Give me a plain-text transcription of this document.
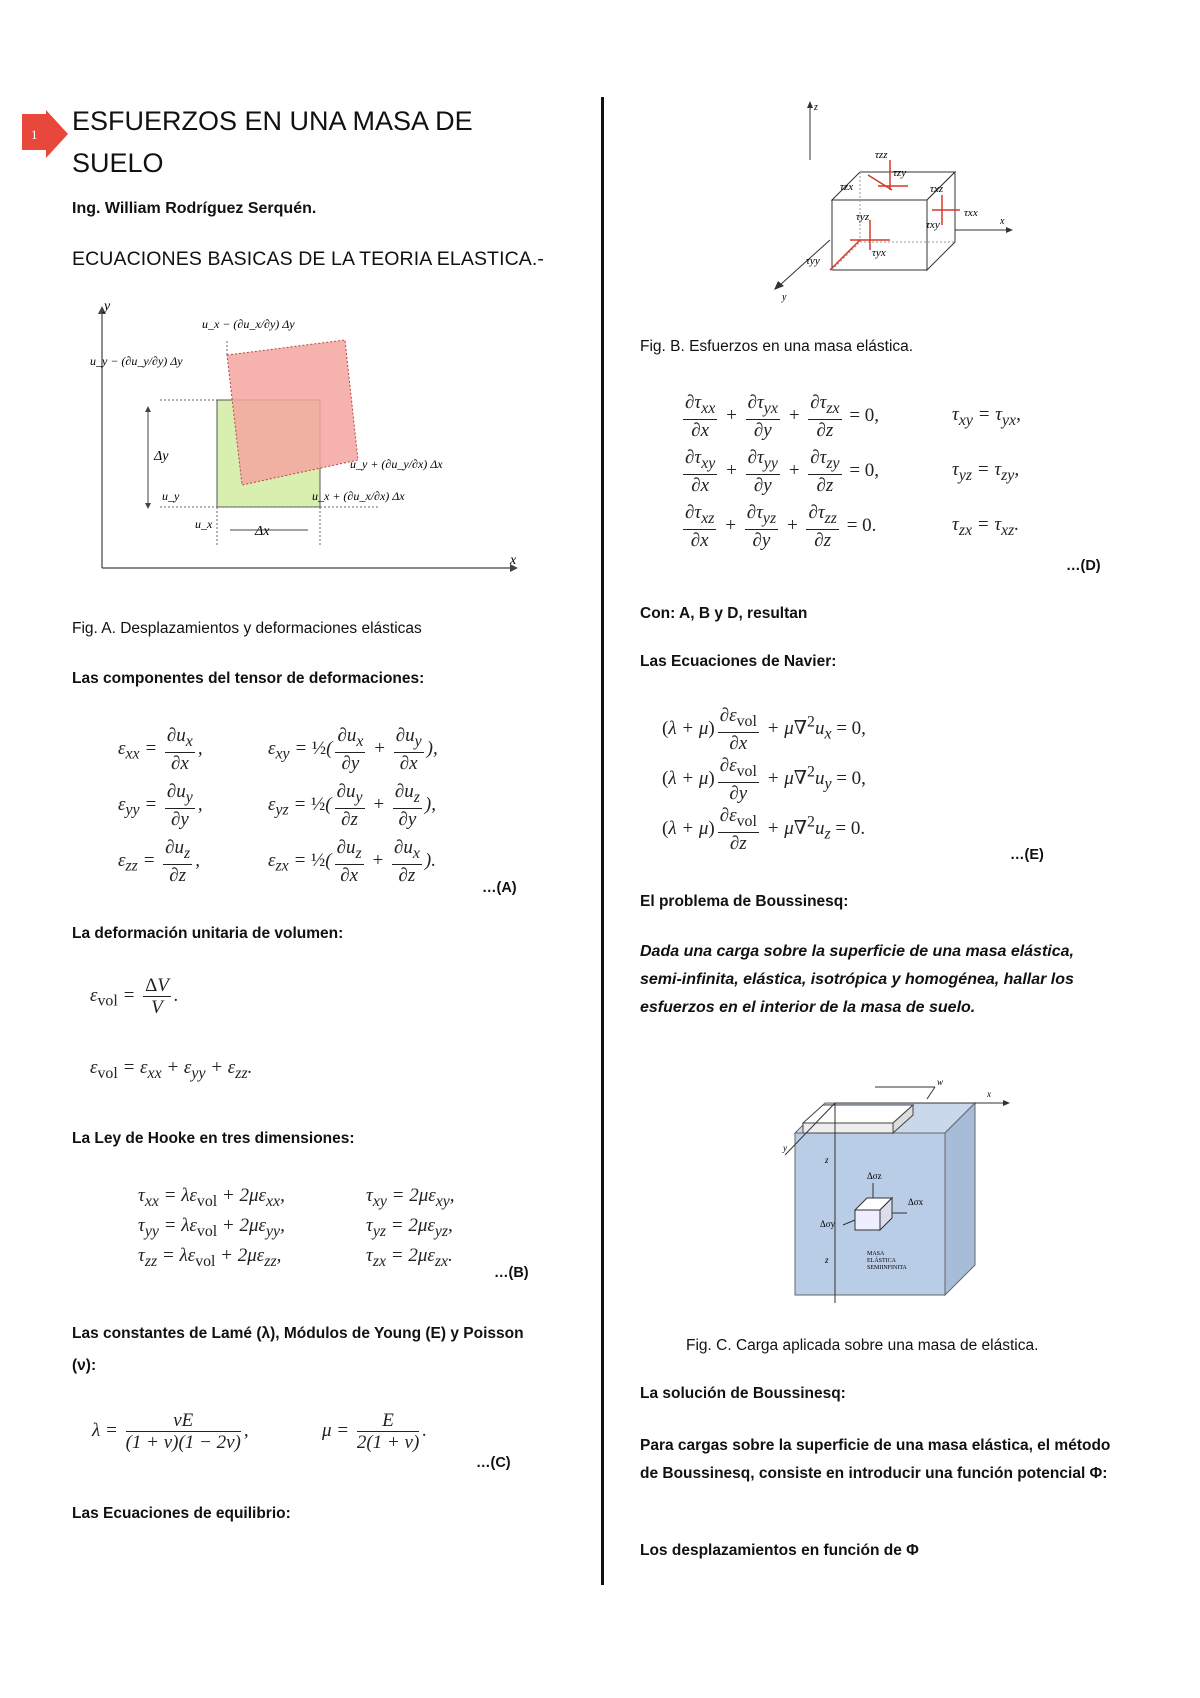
1 ESFUERZOS EN UNA MASA DE SUELO
Ing. William Rodríguez Serquén.
ECUACIONES BASICAS DE LA TEORIA ELASTICA.-
y
x
Δy
u_y
u_x	Δx
u_x − (∂u_x/∂y) Δy
u_y − (∂u_y/∂y) Δy
u_y + (∂u_y/∂x) Δx
u_x + (∂u_x/∂x) Δx
Fig. A. Desplazamientos y deformaciones elásticas
Las componentes del tensor de deformaciones:
$\varepsilon_{xx} = \frac{\partial u_x}{\partial x}$ ,	$\varepsilon_{xy}$ = ½( $\frac{\partial u_x}{\partial y} + \frac{\partial u_y}{\partial x}$ ),
$\varepsilon_{yy} = \frac{\partial u_y}{\partial y}$ ,	$\varepsilon_{yz}$ = ½( $\frac{\partial u_y}{\partial z} + \frac{\partial u_z}{\partial y}$ ),
$\varepsilon_{zz} = \frac{\partial u_z}{\partial z}$ ,	$\varepsilon_{zx}$ = ½( $\frac{\partial u_z}{\partial x} + \frac{\partial u_x}{\partial z}$ ).
…(A)
La deformación unitaria de volumen:
$\varepsilon_{vol} = \frac{\Delta V}{V}$ .
$\varepsilon_{vol} = \varepsilon_{xx} + \varepsilon_{yy} + \varepsilon_{zz}$.
La Ley de Hooke en tres dimensiones:
$\tau_{xx} = \lambda\varepsilon_{vol} + 2\mu\varepsilon_{xx}$,	$\tau_{xy} = 2\mu\varepsilon_{xy}$,
$\tau_{yy} = \lambda\varepsilon_{vol} + 2\mu\varepsilon_{yy}$,	$\tau_{yz} = 2\mu\varepsilon_{yz}$,
$\tau_{zz} = \lambda\varepsilon_{vol} + 2\mu\varepsilon_{zz}$,	$\tau_{zx} = 2\mu\varepsilon_{zx}$.
…(B)
Las constantes de Lamé (λ), Módulos de Young (E) y Poisson (ν):
$\lambda = \frac{\nu E}{(1 + \nu)(1 - 2\nu)}$ ,	$\mu = \frac{E}{2(1 + \nu)}$ .
…(C)
Las Ecuaciones de equilibrio:
z
x
y
τzz
τzy
τzx	τxz
τxx
τxy
τyz
τyx
τyy
Fig. B. Esfuerzos en una masa elástica.
$\frac{\partial\tau_{xx}}{\partial x} + \frac{\partial\tau_{yx}}{\partial y} + \frac{\partial\tau_{zx}}{\partial z} = 0$,	$\tau_{xy} = \tau_{yx}$,
$\frac{\partial\tau_{xy}}{\partial x} + \frac{\partial\tau_{yy}}{\partial y} + \frac{\partial\tau_{zy}}{\partial z} = 0$,	$\tau_{yz} = \tau_{zy}$,
$\frac{\partial\tau_{xz}}{\partial x} + \frac{\partial\tau_{yz}}{\partial y} + \frac{\partial\tau_{zz}}{\partial z} = 0$.	$\tau_{zx} = \tau_{xz}$.
…(D)
Con: A, B y D, resultan
Las Ecuaciones de Navier:
$(\lambda + \mu) \frac{\partial\varepsilon_{vol}}{\partial x} + \mu\nabla^2u_x = 0$,
$(\lambda + \mu) \frac{\partial\varepsilon_{vol}}{\partial y} + \mu\nabla^2u_y = 0$,
$(\lambda + \mu) \frac{\partial\varepsilon_{vol}}{\partial z} + \mu\nabla^2u_z = 0$.
…(E)
El problema de Boussinesq:
Dada una carga sobre la superficie de una masa elástica, semi-infinita, elástica, isotrópica y homogénea, hallar los esfuerzos en el interior de la masa de suelo.
w
x
y
z
z
Δσz
Δσx
Δσy
MASA
ELÁSTICA
SEMIINFINITA
Fig. C. Carga aplicada sobre una masa de elástica.
La solución de Boussinesq:
Para cargas sobre la superficie de una masa elástica, el método de Boussinesq, consiste en introducir una función potencial Φ:
Los desplazamientos en función de Φ
